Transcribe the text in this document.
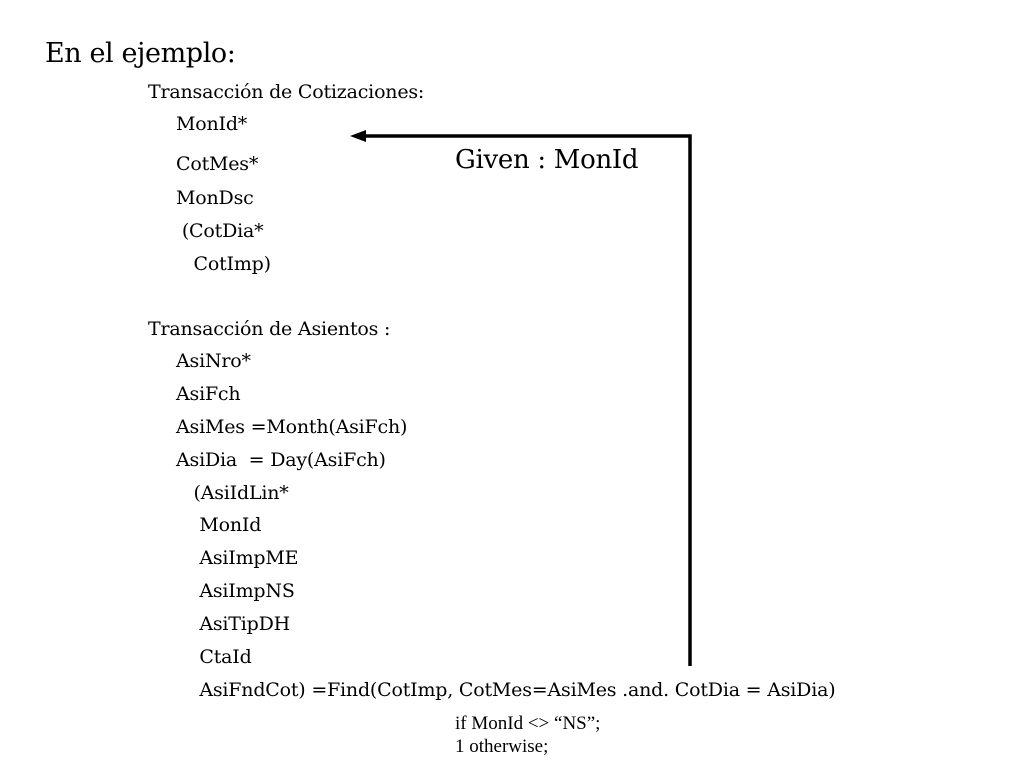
En el ejemplo:
Transacción de Cotizaciones:
MonId*
CotMes*
MonDsc
(CotDia*
CotImp)
Given : MonId
Transacción de Asientos :
AsiNro*
AsiFch
AsiMes =Month(AsiFch)
AsiDia  = Day(AsiFch)
(AsiIdLin*
MonId
AsiImpME
AsiImpNS
AsiTipDH
CtaId
AsiFndCot) =Find(CotImp, CotMes=AsiMes .and. CotDia = AsiDia)
if MonId <> “NS”;
1 otherwise;
